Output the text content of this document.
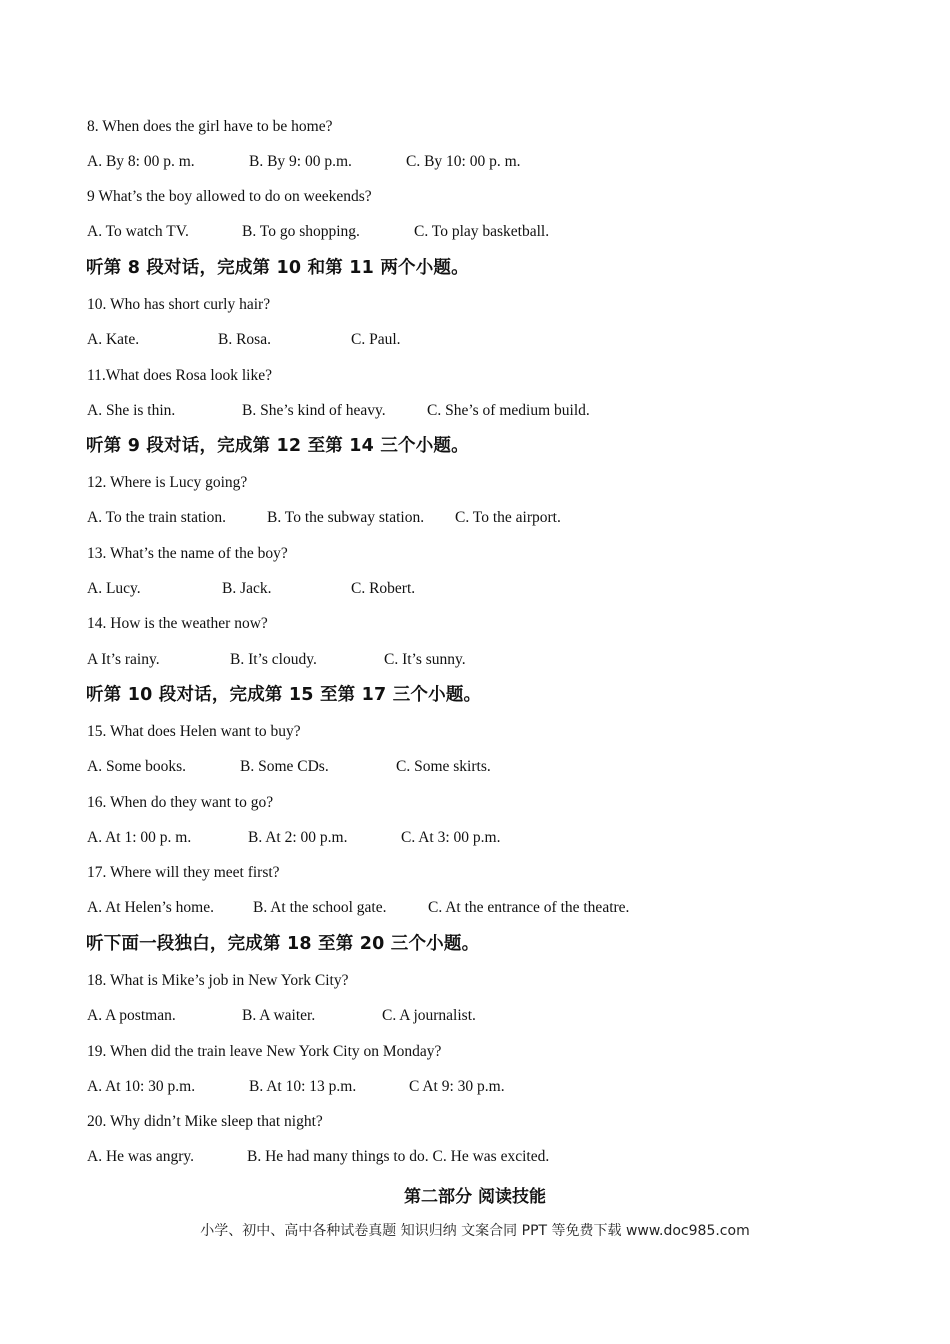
8. When does the girl have to be home?
A. By 8: 00 p. m.	B. By 9: 00 p.m.	C. By 10: 00 p. m.
9 What’s the boy allowed to do on weekends?
A. To watch TV.	B. To go shopping.	C. To play basketball.
听第 8 段对话，完成第 10 和第 11 两个小题。
10. Who has short curly hair?
A. Kate.	B. Rosa.	C. Paul.
11.What does Rosa look like?
A. She is thin.	B. She’s kind of heavy.	C. She’s of medium build.
听第 9 段对话，完成第 12 至第 14 三个小题。
12. Where is Lucy going?
A. To the train station.	B. To the subway station. C. To the airport.
13. What’s the name of the boy?
A. Lucy.	B. Jack.	C. Robert.
14. How is the weather now?
A It’s rainy.	B. It’s cloudy.	C. It’s sunny.
听第 10 段对话，完成第 15 至第 17 三个小题。
15. What does Helen want to buy?
A. Some books.	B. Some CDs.	C. Some skirts.
16. When do they want to go?
A. At 1: 00 p. m.	B. At 2: 00 p.m.	C. At 3: 00 p.m.
17. Where will they meet first?
A. At Helen’s home.	B. At the school gate.	C. At the entrance of the theatre.
听下面一段独白，完成第 18 至第 20 三个小题。
18. What is Mike’s job in New York City?
A. A postman.	B. A waiter.	C. A journalist.
19. When did the train leave New York City on Monday?
A. At 10: 30 p.m.	B. At 10: 13 p.m.	C At 9: 30 p.m.
20. Why didn’t Mike sleep that night?
A. He was angry.	B. He had many things to do. C. He was excited.
第二部分 阅读技能
小学、初中、高中各种试卷真题 知识归纳 文案合同 PPT 等免费下载 www.doc985.com
